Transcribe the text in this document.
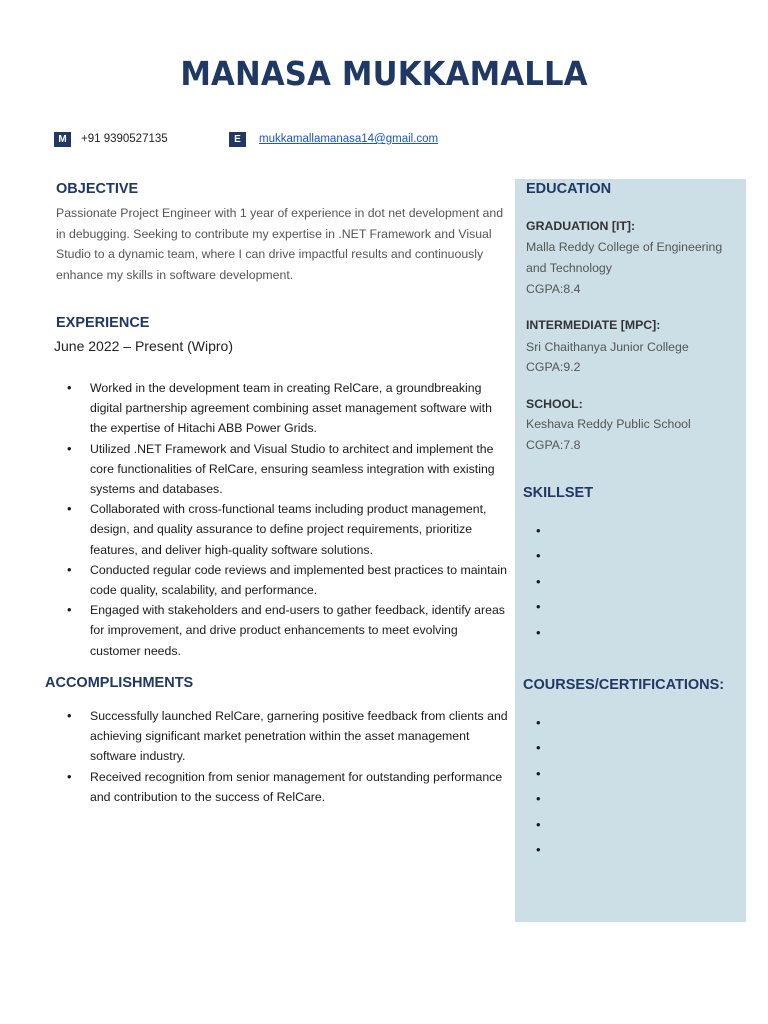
MANASA MUKKAMALLA
M	+91 9390527135	E	mukkamallamanasa14@gmail.com
OBJECTIVE
Passionate Project Engineer with 1 year of experience in dot net development and in debugging. Seeking to contribute my expertise in .NET Framework and Visual Studio to a dynamic team, where I can drive impactful results and continuously enhance my skills in software development.
EXPERIENCE
June 2022 – Present (Wipro)
• Worked in the development team in creating RelCare, a groundbreaking digital partnership agreement combining asset management software with the expertise of Hitachi ABB Power Grids.
• Utilized .NET Framework and Visual Studio to architect and implement the core functionalities of RelCare, ensuring seamless integration with existing systems and databases.
• Collaborated with cross-functional teams including product management, design, and quality assurance to define project requirements, prioritize features, and deliver high-quality software solutions.
• Conducted regular code reviews and implemented best practices to maintain code quality, scalability, and performance.
• Engaged with stakeholders and end-users to gather feedback, identify areas for improvement, and drive product enhancements to meet evolving customer needs.
ACCOMPLISHMENTS
• Successfully launched RelCare, garnering positive feedback from clients and achieving significant market penetration within the asset management software industry.
• Received recognition from senior management for outstanding performance and contribution to the success of RelCare.
EDUCATION
GRADUATION [IT]:
Malla Reddy College of Engineering and Technology
CGPA:8.4
INTERMEDIATE [MPC]:
Sri Chaithanya Junior College
CGPA:9.2
SCHOOL:
Keshava Reddy Public School
CGPA:7.8
SKILLSET
•
•
•
•
•
COURSES/CERTIFICATIONS:
•
•
•
•
•
•
